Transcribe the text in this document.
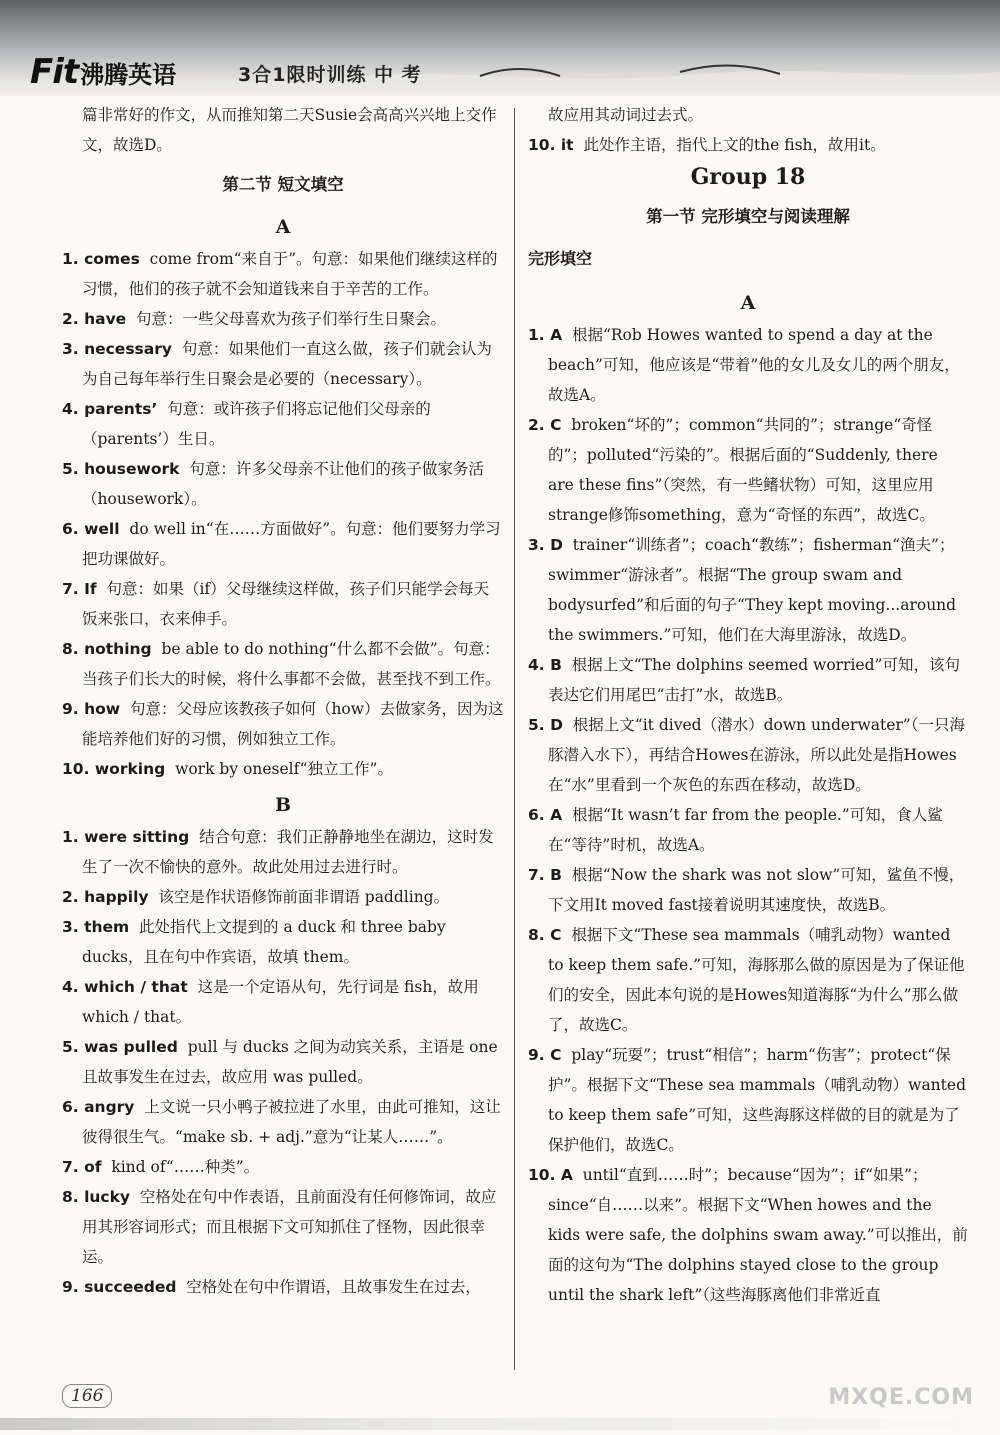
Fit 沸腾英语	3合1限时训练 中 考
篇非常好的作文，从而推知第二天Susie会高高兴兴地上交作文，故选D。
第二节 短文填空
A
1. comes come from“来自于”。句意：如果他们继续这样的习惯，他们的孩子就不会知道钱来自于辛苦的工作。
2. have 句意：一些父母喜欢为孩子们举行生日聚会。
3. necessary 句意：如果他们一直这么做，孩子们就会认为为自己每年举行生日聚会是必要的（necessary）。
4. parents’ 句意：或许孩子们将忘记他们父母亲的（parents’）生日。
5. housework 句意：许多父母亲不让他们的孩子做家务活（housework）。
6. well do well in“在……方面做好”。句意：他们要努力学习把功课做好。
7. If 句意：如果（if）父母继续这样做，孩子们只能学会每天饭来张口，衣来伸手。
8. nothing be able to do nothing“什么都不会做”。句意：当孩子们长大的时候，将什么事都不会做，甚至找不到工作。
9. how 句意：父母应该教孩子如何（how）去做家务，因为这能培养他们好的习惯，例如独立工作。
10. working work by oneself“独立工作”。
B
1. were sitting 结合句意：我们正静静地坐在湖边，这时发生了一次不愉快的意外。故此处用过去进行时。
2. happily 该空是作状语修饰前面非谓语 paddling。
3. them 此处指代上文提到的 a duck 和 three baby ducks，且在句中作宾语，故填 them。
4. which / that 这是一个定语从句，先行词是 fish，故用 which / that。
5. was pulled pull 与 ducks 之间为动宾关系，主语是 one 且故事发生在过去，故应用 was pulled。
6. angry 上文说一只小鸭子被拉进了水里，由此可推知，这让彼得很生气。“make sb. + adj.”意为“让某人……”。
7. of kind of“……种类”。
8. lucky 空格处在句中作表语，且前面没有任何修饰词，故应用其形容词形式；而且根据下文可知抓住了怪物，因此很幸运。
9. succeeded 空格处在句中作谓语，且故事发生在过去，
故应用其动词过去式。
10. it 此处作主语，指代上文的the fish，故用it。
Group 18
第一节 完形填空与阅读理解
完形填空
A
1. A 根据“Rob Howes wanted to spend a day at the beach”可知，他应该是“带着”他的女儿及女儿的两个朋友，故选A。
2. C broken“坏的”；common“共同的”；strange“奇怪的”；polluted“污染的”。根据后面的“Suddenly, there are these fins”（突然，有一些鳍状物）可知，这里应用strange修饰something，意为“奇怪的东西”，故选C。
3. D trainer“训练者”；coach“教练”；fisherman“渔夫”；swimmer“游泳者”。根据“The group swam and bodysurfed”和后面的句子“They kept moving...around the swimmers.”可知，他们在大海里游泳，故选D。
4. B 根据上文“The dolphins seemed worried”可知，该句表达它们用尾巴“击打”水，故选B。
5. D 根据上文“it dived（潜水）down underwater”（一只海豚潜入水下），再结合Howes在游泳，所以此处是指Howes在“水”里看到一个灰色的东西在移动，故选D。
6. A 根据“It wasn’t far from the people.”可知，食人鲨在“等待”时机，故选A。
7. B 根据“Now the shark was not slow”可知，鲨鱼不慢，下文用It moved fast接着说明其速度快，故选B。
8. C 根据下文“These sea mammals（哺乳动物）wanted to keep them safe.”可知，海豚那么做的原因是为了保证他们的安全，因此本句说的是Howes知道海豚“为什么”那么做了，故选C。
9. C play“玩耍”；trust“相信”；harm“伤害”；protect“保护”。根据下文“These sea mammals（哺乳动物）wanted to keep them safe”可知，这些海豚这样做的目的就是为了保护他们，故选C。
10. A until“直到……时”；because“因为”；if“如果”；since“自……以来”。根据下文“When howes and the kids were safe, the dolphins swam away.”可以推出，前面的这句为“The dolphins stayed close to the group until the shark left”（这些海豚离他们非常近直
166	MXQE.COM
